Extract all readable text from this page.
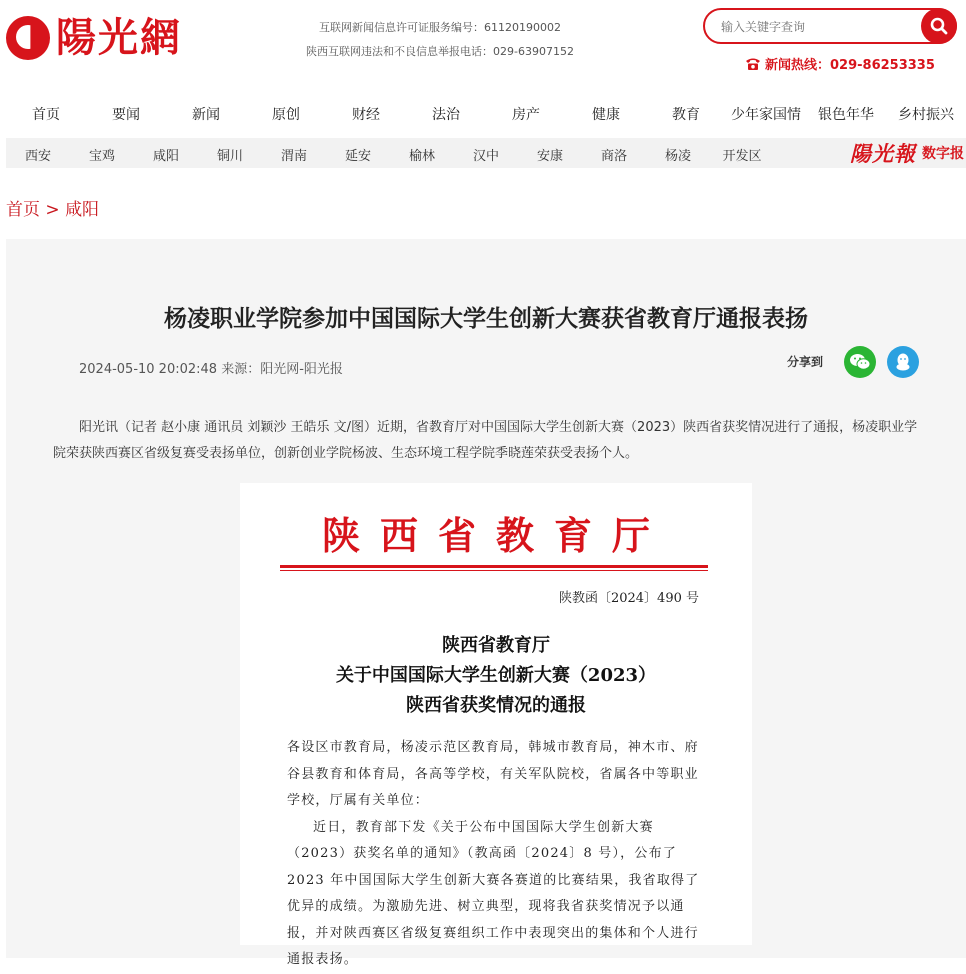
陽光網	互联网新闻信息许可证服务编号：61120190002
陕西互联网违法和不良信息举报电话：029-63907152
输入关键字查询
新闻热线：029-86253335
首页	要闻	新闻	原创	财经	法治	房产	健康	教育	少年家国情	银色年华	乡村振兴
西安	宝鸡	咸阳	铜川	渭南	延安	榆林	汉中	安康	商洛	杨凌	开发区	陽光報 数字报
首页 > 咸阳
杨凌职业学院参加中国国际大学生创新大赛获省教育厅通报表扬
2024-05-10 20:02:48 来源：阳光网-阳光报	分享到
阳光讯（记者 赵小康 通讯员 刘颖沙 王皓乐 文/图）近期，省教育厅对中国国际大学生创新大赛（2023）陕西省获奖情况进行了通报，杨凌职业学院荣获陕西赛区省级复赛受表扬单位，创新创业学院杨波、生态环境工程学院季晓莲荣获受表扬个人。
陕西省教育厅
陕教函〔2024〕490 号
陕西省教育厅
关于中国国际大学生创新大赛（2023）
陕西省获奖情况的通报

各设区市教育局，杨凌示范区教育局，韩城市教育局，神木市、府谷县教育和体育局，各高等学校，有关军队院校，省属各中等职业学校，厅属有关单位：

近日，教育部下发《关于公布中国国际大学生创新大赛（2023）获奖名单的通知》（教高函〔2024〕8 号），公布了 2023 年中国国际大学生创新大赛各赛道的比赛结果，我省取得了优异的成绩。为激励先进、树立典型，现将我省获奖情况予以通报，并对陕西赛区省级复赛组织工作中表现突出的集体和个人进行通报表扬。
